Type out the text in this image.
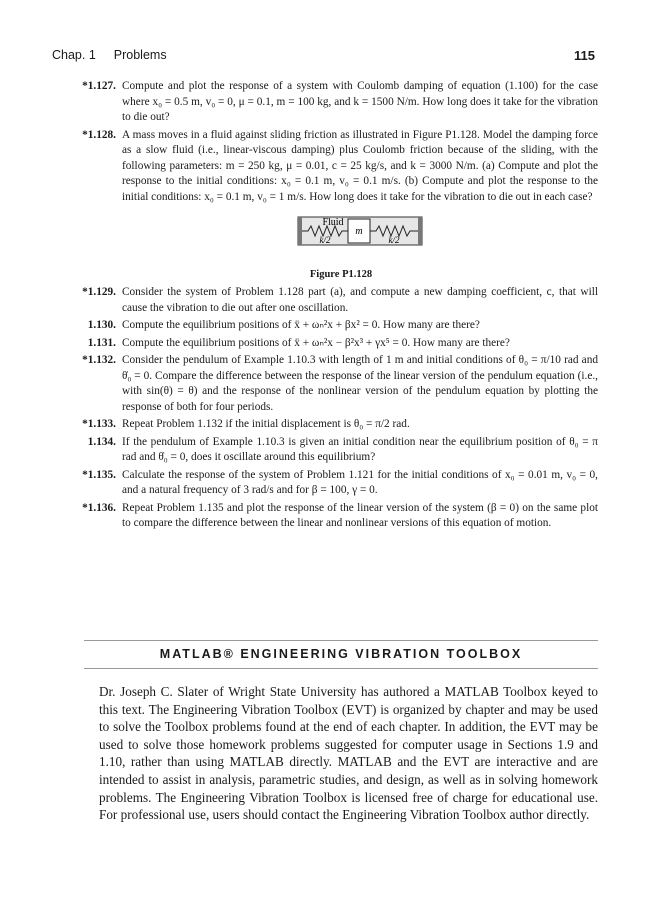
Chap. 1 Problems	115
*1.127. Compute and plot the response of a system with Coulomb damping of equation (1.100) for the case where x₀ = 0.5 m, v₀ = 0, μ = 0.1, m = 100 kg, and k = 1500 N/m. How long does it take for the vibration to die out?
*1.128. A mass moves in a fluid against sliding friction as illustrated in Figure P1.128. Model the damping force as a slow fluid (i.e., linear-viscous damping) plus Coulomb friction because of the sliding, with the following parameters: m = 250 kg, μ = 0.01, c = 25 kg/s, and k = 3000 N/m. (a) Compute and plot the response to the initial conditions: x₀ = 0.1 m, v₀ = 0.1 m/s. (b) Compute and plot the response to the initial conditions: x₀ = 0.1 m, v₀ = 1 m/s. How long does it take for the vibration to die out in each case?
Fluid
m
k/2	k/2
Figure P1.128
*1.129. Consider the system of Problem 1.128 part (a), and compute a new damping coefficient, c, that will cause the vibration to die out after one oscillation.
1.130. Compute the equilibrium positions of ẍ + ωₙ²x + βx² = 0. How many are there?
1.131. Compute the equilibrium positions of ẍ + ωₙ²x − β²x³ + γx⁵ = 0. How many are there?
*1.132. Consider the pendulum of Example 1.10.3 with length of 1 m and initial conditions of θ₀ = π/10 rad and θ̇₀ = 0. Compare the difference between the response of the linear version of the pendulum equation (i.e., with sin(θ) = θ) and the response of the nonlinear version of the pendulum equation by plotting the response of both for four periods.
*1.133. Repeat Problem 1.132 if the initial displacement is θ₀ = π/2 rad.
1.134. If the pendulum of Example 1.10.3 is given an initial condition near the equilibrium position of θ₀ = π rad and θ̇₀ = 0, does it oscillate around this equilibrium?
*1.135. Calculate the response of the system of Problem 1.121 for the initial conditions of x₀ = 0.01 m, v₀ = 0, and a natural frequency of 3 rad/s and for β = 100, γ = 0.
*1.136. Repeat Problem 1.135 and plot the response of the linear version of the system (β = 0) on the same plot to compare the difference between the linear and nonlinear versions of this equation of motion.
MATLAB® ENGINEERING VIBRATION TOOLBOX
Dr. Joseph C. Slater of Wright State University has authored a MATLAB Toolbox keyed to this text. The Engineering Vibration Toolbox (EVT) is organized by chapter and may be used to solve the Toolbox problems found at the end of each chapter. In addition, the EVT may be used to solve those homework problems suggested for computer usage in Sections 1.9 and 1.10, rather than using MATLAB directly. MATLAB and the EVT are interactive and are intended to assist in analysis, parametric studies, and design, as well as in solving homework problems. The Engineering Vibration Toolbox is licensed free of charge for educational use. For professional use, users should contact the Engineering Vibration Toolbox author directly.
